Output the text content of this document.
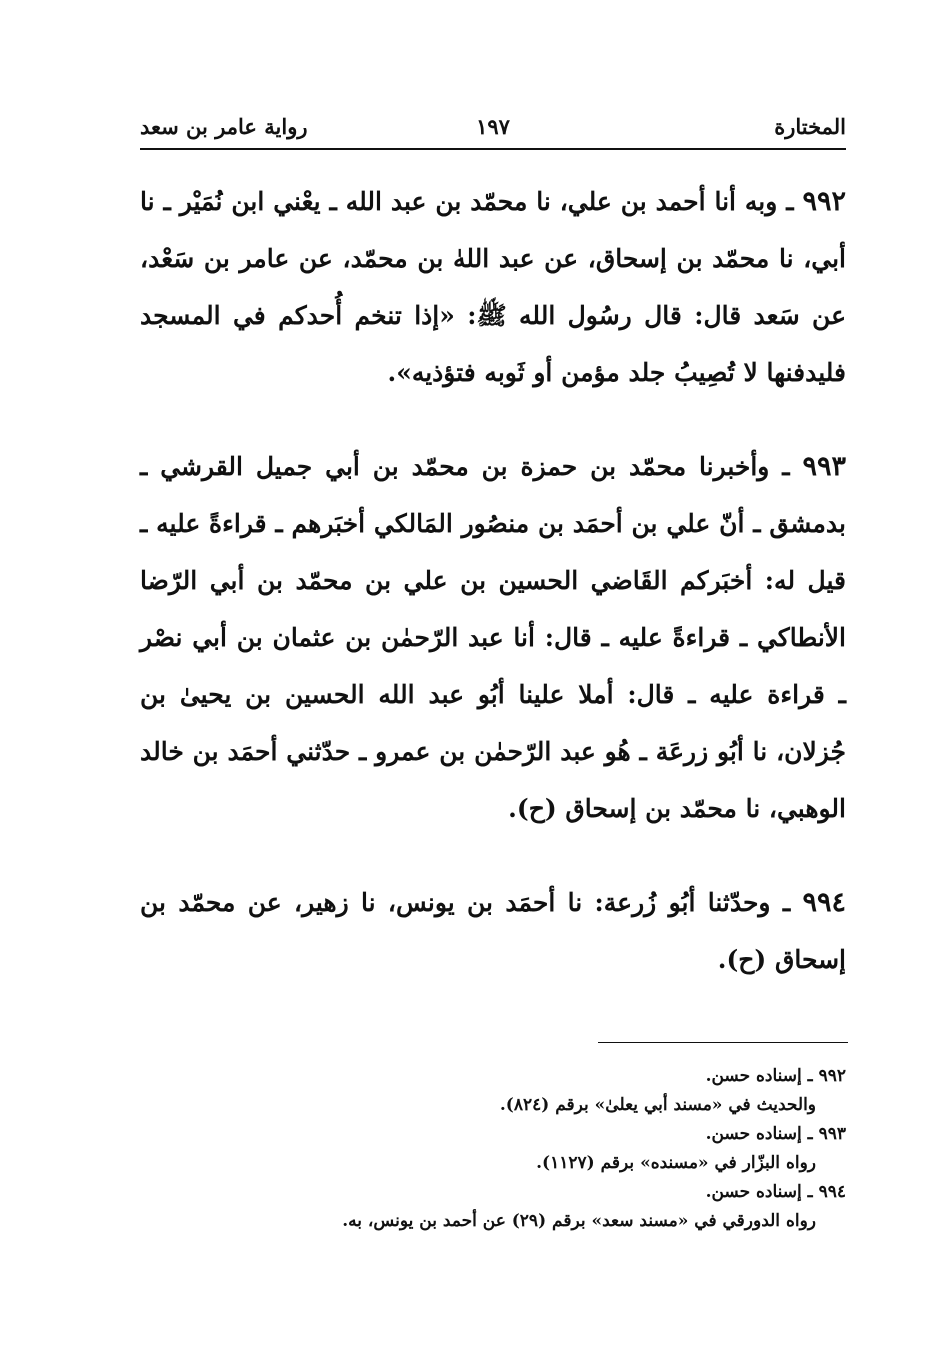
المختارة
١٩٧
رواية عامر بن سعد

٩٩٢ ـ وبه أنا أحمد بن علي، نا محمّد بن عبد الله ـ يعْني ابن نُمَيْر ـ نا أبي، نا محمّد بن إسحاق، عن عبد اللهٰ بن محمّد، عن عامر بن سَعْد، عن سَعد قال: قال رسُول الله ﷺ: «إذا تنخم أُحدكم في المسجد فليدفنها لا تُصِيبُ جلد مؤمن أو ثَوبه فتؤذيه».

٩٩٣ ـ وأخبرنا محمّد بن حمزة بن محمّد بن أبي جميل القرشي ـ بدمشق ـ أنّ علي بن أحمَد بن منصُور المَالكي أخبَرهم ـ قراءةً عليه ـ قيل له: أخبَركم القَاضي الحسين بن علي بن محمّد بن أبي الرّضا الأنطاكي ـ قراءةً عليه ـ قال: أنا عبد الرّحمٰن بن عثمان بن أبي نصْر ـ قراءة عليه ـ قال: أملا علينا أبُو عبد الله الحسين بن يحيىٰ بن جُزلان، نا أبُو زرعَة ـ هُو عبد الرّحمٰن بن عمرو ـ حدّثني أحمَد بن خالد الوهبي، نا محمّد بن إسحاق (ح).

٩٩٤ ـ وحدّثنا أبُو زُرعة: نا أحمَد بن يونس، نا زهير، عن محمّد بن إسحاق (ح).

٩٩٢ ـ إسناده حسن.
والحديث في «مسند أبي يعلىٰ» برقم (٨٢٤).
٩٩٣ ـ إسناده حسن.
رواه البزّار في «مسنده» برقم (١١٢٧).
٩٩٤ ـ إسناده حسن.
رواه الدورقي في «مسند سعد» برقم (٢٩) عن أحمد بن يونس، به.
